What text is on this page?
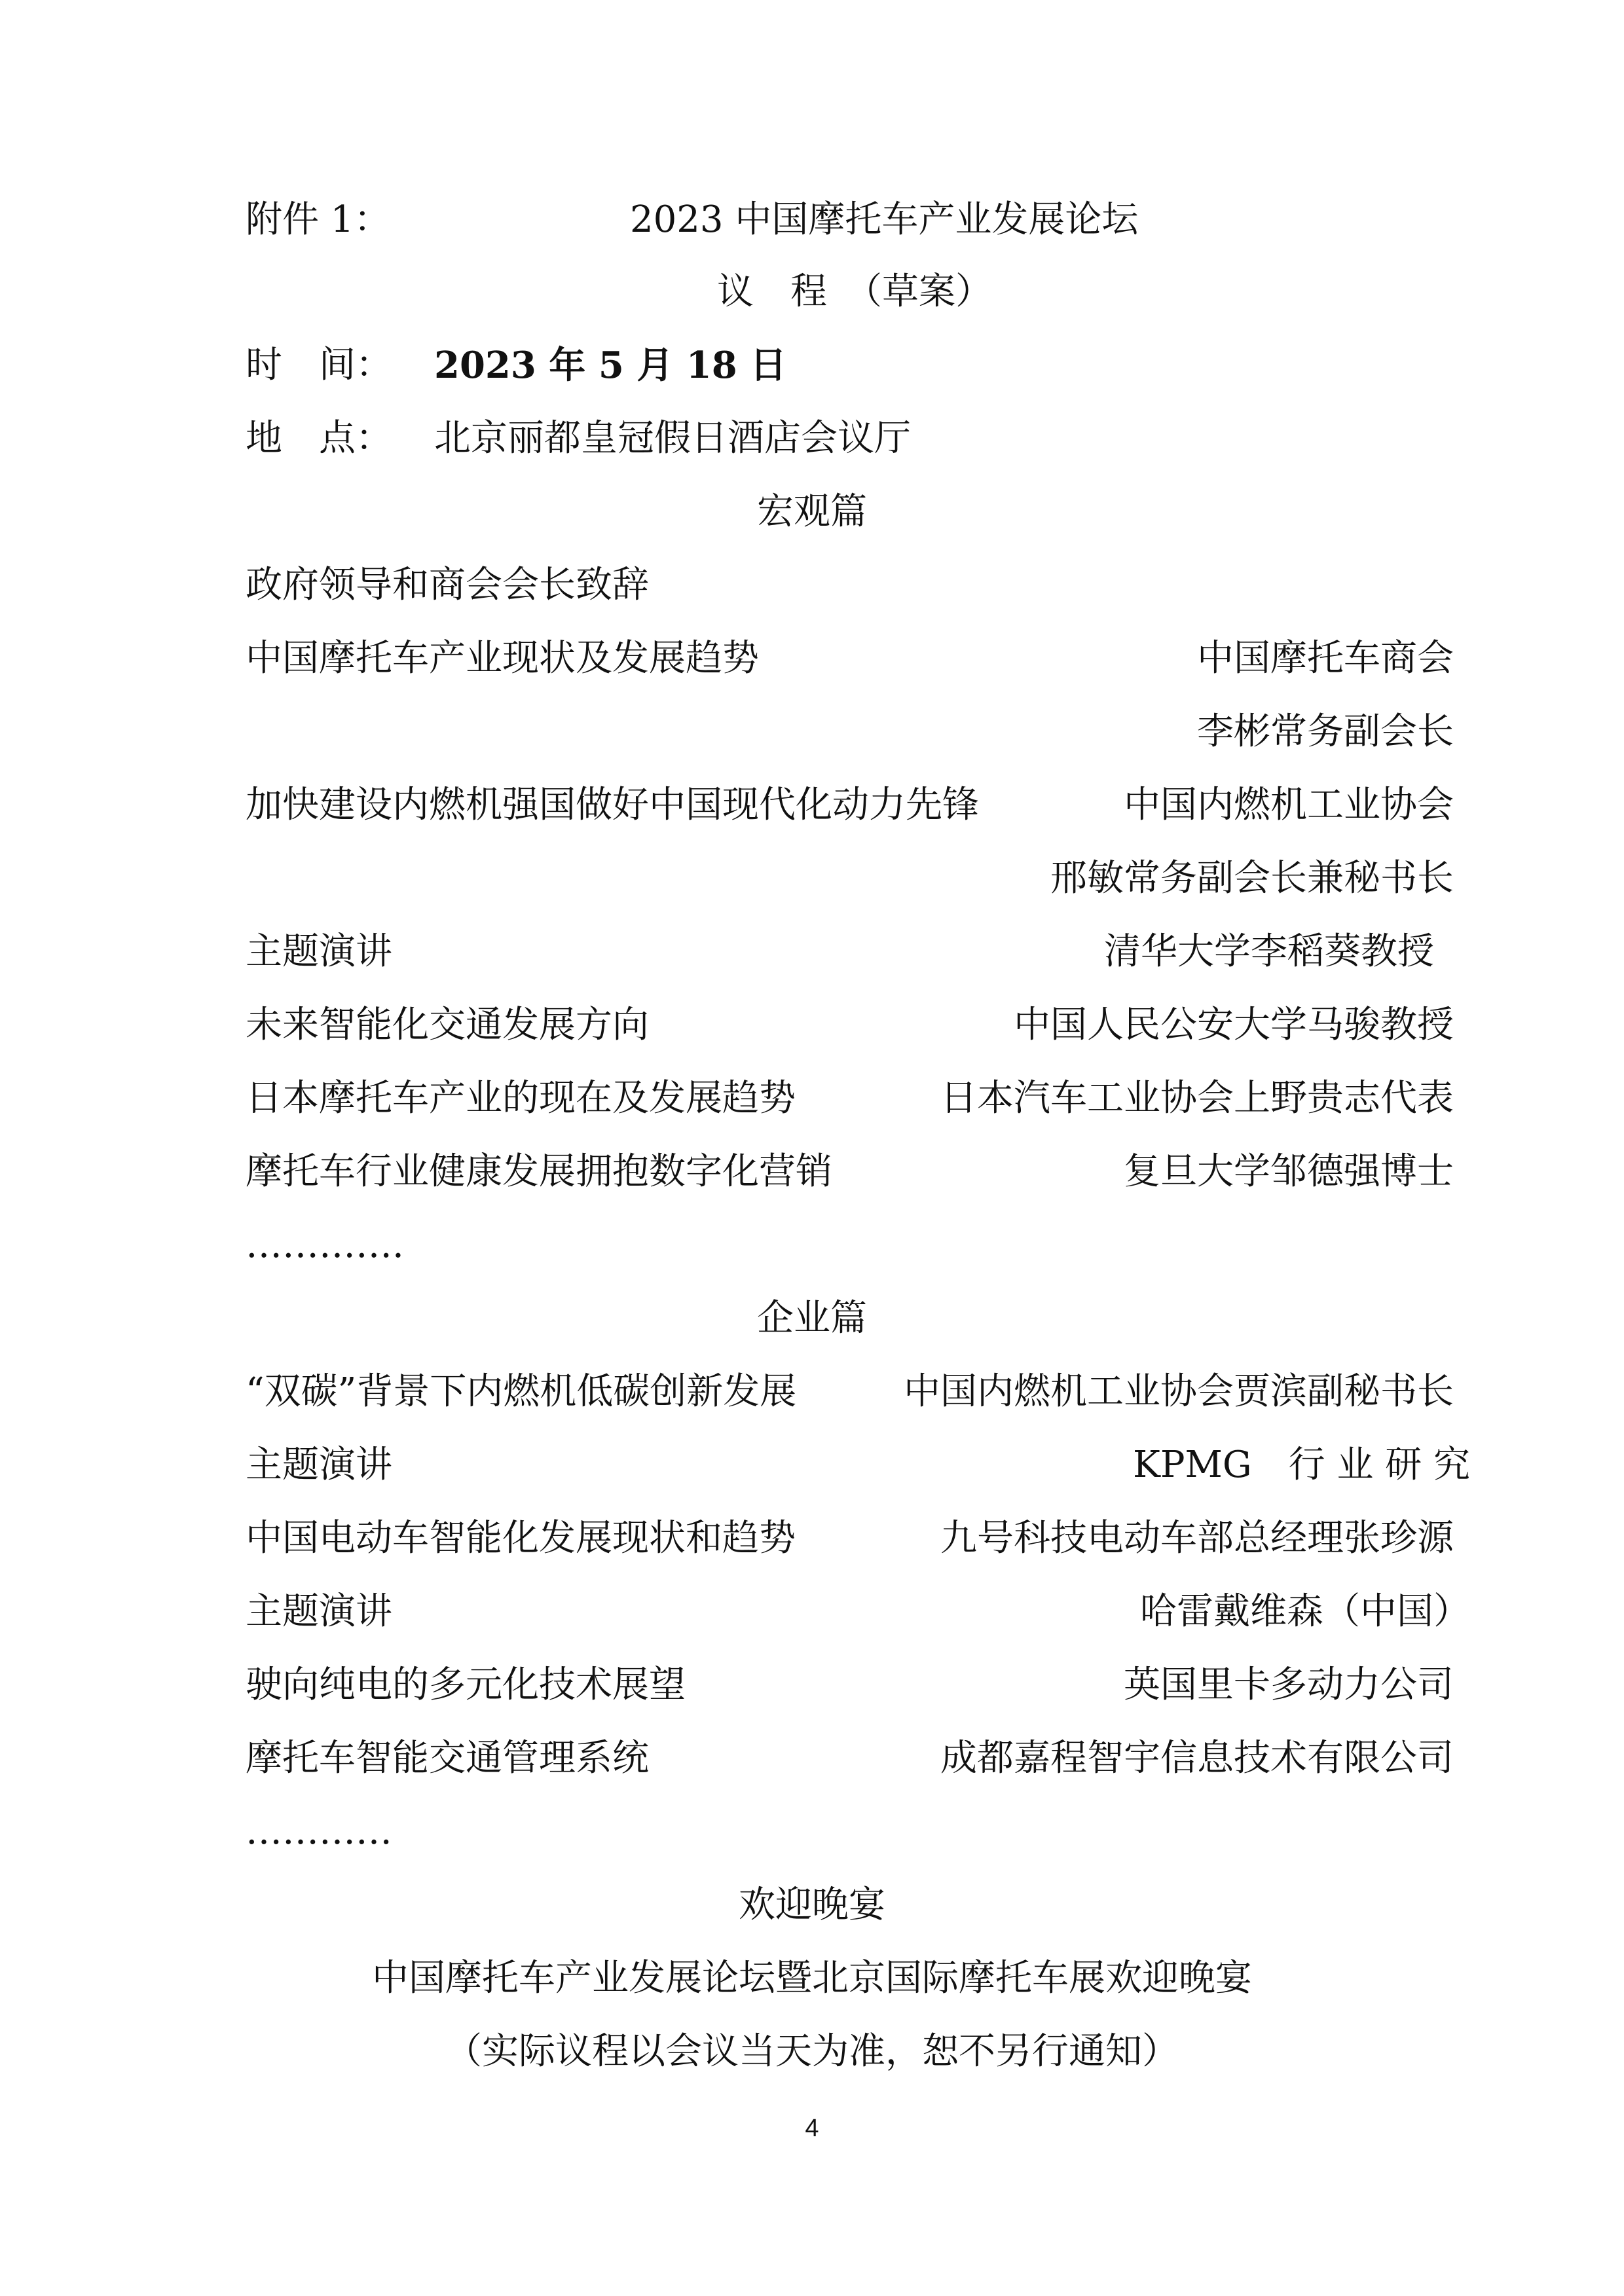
附件 1：	2023 中国摩托车产业发展论坛
议　程　（草案）
时　间： 2023 年 5 月 18 日
地　点： 北京丽都皇冠假日酒店会议厅
宏观篇
政府领导和商会会长致辞
中国摩托车产业现状及发展趋势	中国摩托车商会
李彬常务副会长
加快建设内燃机强国做好中国现代化动力先锋	中国内燃机工业协会
邢敏常务副会长兼秘书长
主题演讲	清华大学李稻葵教授
未来智能化交通发展方向	中国人民公安大学马骏教授
日本摩托车产业的现在及发展趋势	日本汽车工业协会上野贵志代表
摩托车行业健康发展拥抱数字化营销	复旦大学邹德强博士
………….
企业篇
“双碳”背景下内燃机低碳创新发展	中国内燃机工业协会贾滨副秘书长
主题演讲	KPMG　行 业 研 究
中国电动车智能化发展现状和趋势	九号科技电动车部总经理张珍源
主题演讲	哈雷戴维森（中国）
驶向纯电的多元化技术展望	英国里卡多动力公司
摩托车智能交通管理系统	成都嘉程智宇信息技术有限公司
…………
欢迎晚宴
中国摩托车产业发展论坛暨北京国际摩托车展欢迎晚宴
（实际议程以会议当天为准，恕不另行通知）
4
